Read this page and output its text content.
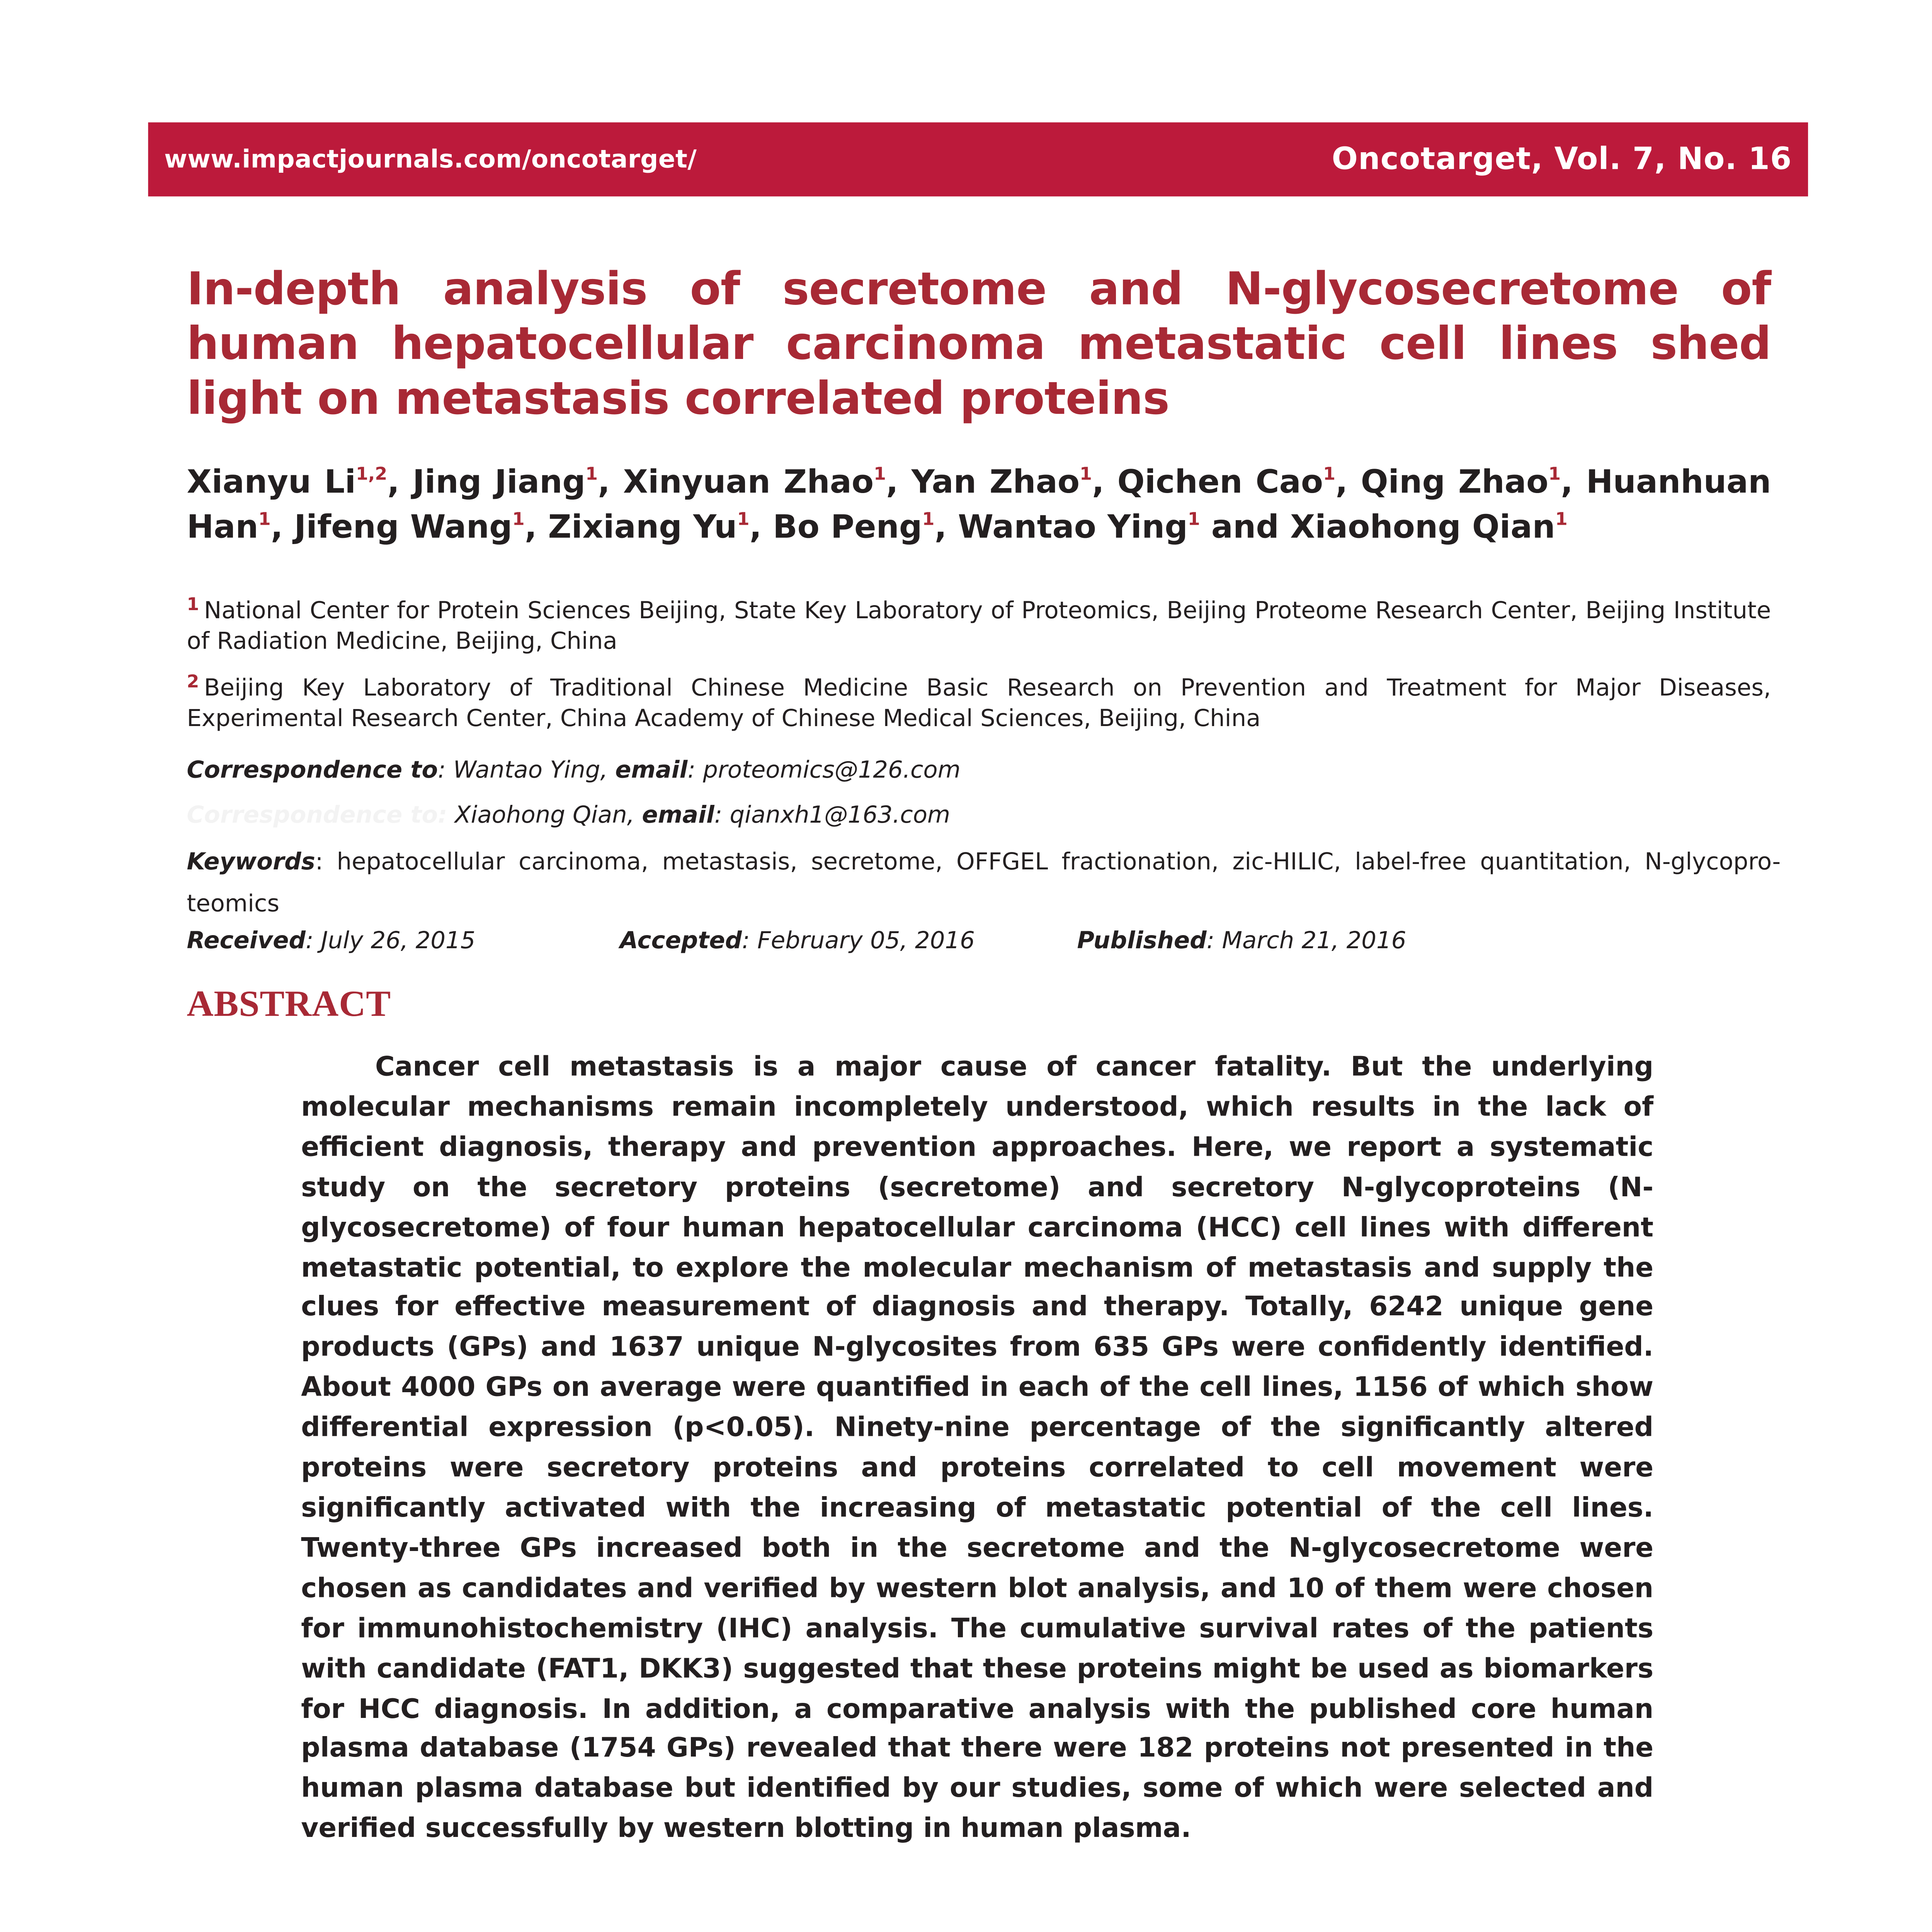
www.impactjournals.com/oncotarget/	Oncotarget, Vol. 7, No. 16
In-depth analysis of secretome and N-glycosecretome of human hepatocellular carcinoma metastatic cell lines shed light on metastasis correlated proteins
Xianyu Li$^{1,2}$, Jing Jiang$^1$, Xinyuan Zhao$^1$, Yan Zhao$^1$, Qichen Cao$^1$, Qing Zhao$^1$, Huanhuan Han$^1$, Jifeng Wang$^1$, Zixiang Yu$^1$, Bo Peng$^1$, Wantao Ying$^1$ and Xiaohong Qian$^1$
$^1$ National Center for Protein Sciences Beijing, State Key Laboratory of Proteomics, Beijing Proteome Research Center, Beijing Institute of Radiation Medicine, Beijing, China
$^2$ Beijing Key Laboratory of Traditional Chinese Medicine Basic Research on Prevention and Treatment for Major Diseases, Experimental Research Center, China Academy of Chinese Medical Sciences, Beijing, China
Correspondence to: Wantao Ying, email: proteomics@126.com
Correspondence to: Xiaohong Qian, email: qianxh1@163.com
Keywords: hepatocellular carcinoma, metastasis, secretome, OFFGEL fractionation, zic-HILIC, label-free quantitation, N-glycopro-teomics
Received: July 26, 2015	Accepted: February 05, 2016	Published: March 21, 2016
ABSTRACT
Cancer cell metastasis is a major cause of cancer fatality. But the underlying molecular mechanisms remain incompletely understood, which results in the lack of efficient diagnosis, therapy and prevention approaches. Here, we report a systematic study on the secretory proteins (secretome) and secretory N-glycoproteins (N-glycosecretome) of four human hepatocellular carcinoma (HCC) cell lines with different metastatic potential, to explore the molecular mechanism of metastasis and supply the clues for effective measurement of diagnosis and therapy. Totally, 6242 unique gene products (GPs) and 1637 unique N-glycosites from 635 GPs were confidently identified. About 4000 GPs on average were quantified in each of the cell lines, 1156 of which show differential expression (p<0.05). Ninety-nine percentage of the significantly altered proteins were secretory proteins and proteins correlated to cell movement were significantly activated with the increasing of metastatic potential of the cell lines. Twenty-three GPs increased both in the secretome and the N-glycosecretome were chosen as candidates and verified by western blot analysis, and 10 of them were chosen for immunohistochemistry (IHC) analysis. The cumulative survival rates of the patients with candidate (FAT1, DKK3) suggested that these proteins might be used as biomarkers for HCC diagnosis. In addition, a comparative analysis with the published core human plasma database (1754 GPs) revealed that there were 182 proteins not presented in the human plasma database but identified by our studies, some of which were selected and verified successfully by western blotting in human plasma.
